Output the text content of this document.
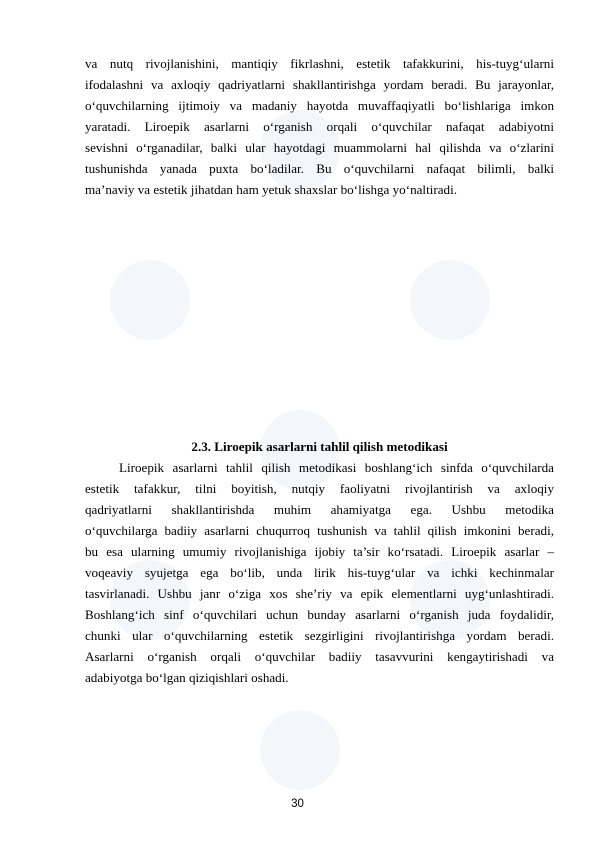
va nutq rivojlanishini, mantiqiy fikrlashni, estetik tafakkurini, his-tuyg‘ularni
ifodalashni va axloqiy qadriyatlarni shakllantirishga yordam beradi. Bu jarayonlar,
o‘quvchilarning ijtimoiy va madaniy hayotda muvaffaqiyatli bo‘lishlariga imkon
yaratadi. Liroepik asarlarni o‘rganish orqali o‘quvchilar nafaqat adabiyotni
sevishni o‘rganadilar, balki ular hayotdagi muammolarni hal qilishda va o‘zlarini
tushunishda yanada puxta bo‘ladilar. Bu o‘quvchilarni nafaqat bilimli, balki
ma’naviy va estetik jihatdan ham yetuk shaxslar bo‘lishga yo‘naltiradi.
2.3. Liroepik asarlarni tahlil qilish metodikasi
Liroepik asarlarni tahlil qilish metodikasi boshlang‘ich sinfda o‘quvchilarda
estetik tafakkur, tilni boyitish, nutqiy faoliyatni rivojlantirish va axloqiy
qadriyatlarni shakllantirishda muhim ahamiyatga ega. Ushbu metodika
o‘quvchilarga badiiy asarlarni chuqurroq tushunish va tahlil qilish imkonini beradi,
bu esa ularning umumiy rivojlanishiga ijobiy ta’sir ko‘rsatadi. Liroepik asarlar –
voqeaviy syujetga ega bo‘lib, unda lirik his-tuyg‘ular va ichki kechinmalar
tasvirlanadi. Ushbu janr o‘ziga xos she’riy va epik elementlarni uyg‘unlashtiradi.
Boshlang‘ich sinf o‘quvchilari uchun bunday asarlarni o‘rganish juda foydalidir,
chunki ular o‘quvchilarning estetik sezgirligini rivojlantirishga yordam beradi.
Asarlarni o‘rganish orqali o‘quvchilar badiiy tasavvurini kengaytirishadi va
adabiyotga bo‘lgan qiziqishlari oshadi.
30
